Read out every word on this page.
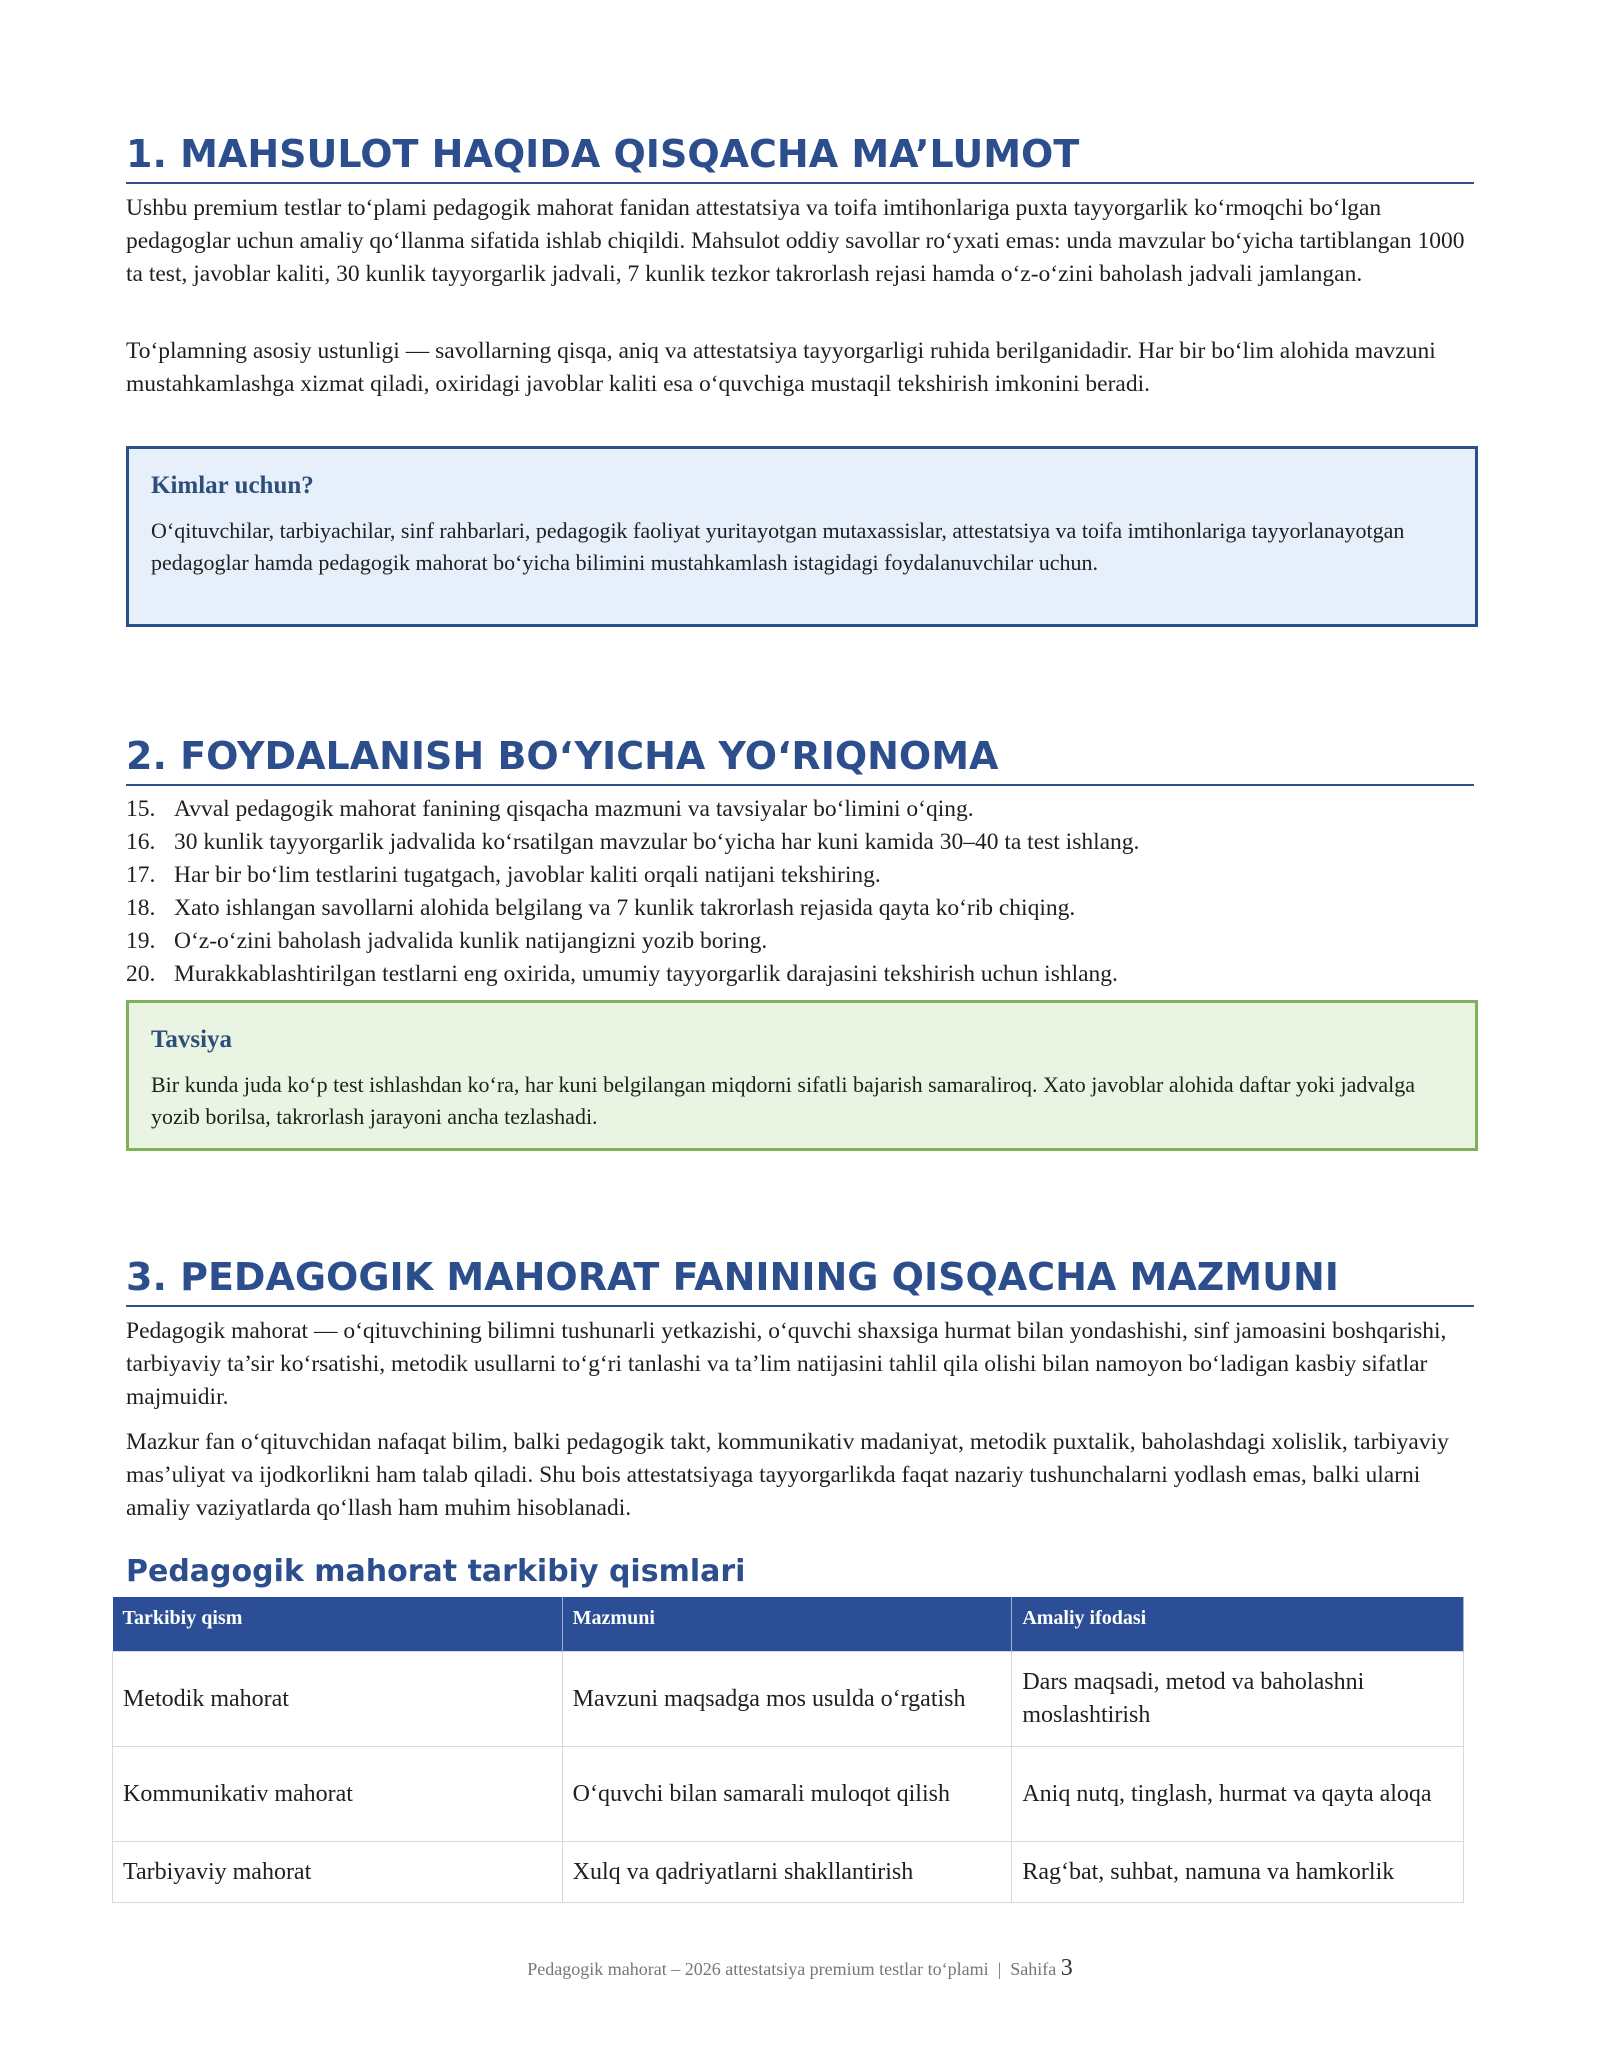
1. MAHSULOT HAQIDA QISQACHA MA’LUMOT

Ushbu premium testlar to‘plami pedagogik mahorat fanidan attestatsiya va toifa imtihonlariga puxta tayyorgarlik ko‘rmoqchi bo‘lgan pedagoglar uchun amaliy qo‘llanma sifatida ishlab chiqildi. Mahsulot oddiy savollar ro‘yxati emas: unda mavzular bo‘yicha tartiblangan 1000 ta test, javoblar kaliti, 30 kunlik tayyorgarlik jadvali, 7 kunlik tezkor takrorlash rejasi hamda o‘z-o‘zini baholash jadvali jamlangan.

To‘plamning asosiy ustunligi — savollarning qisqa, aniq va attestatsiya tayyorgarligi ruhida berilganidadir. Har bir bo‘lim alohida mavzuni mustahkamlashga xizmat qiladi, oxiridagi javoblar kaliti esa o‘quvchiga mustaqil tekshirish imkonini beradi.

Kimlar uchun?

O‘qituvchilar, tarbiyachilar, sinf rahbarlari, pedagogik faoliyat yuritayotgan mutaxassislar, attestatsiya va toifa imtihonlariga tayyorlanayotgan pedagoglar hamda pedagogik mahorat bo‘yicha bilimini mustahkamlash istagidagi foydalanuvchilar uchun.

2. FOYDALANISH BO‘YICHA YO‘RIQNOMA
15. Avval pedagogik mahorat fanining qisqacha mazmuni va tavsiyalar bo‘limini o‘qing.
16. 30 kunlik tayyorgarlik jadvalida ko‘rsatilgan mavzular bo‘yicha har kuni kamida 30–40 ta test ishlang.
17. Har bir bo‘lim testlarini tugatgach, javoblar kaliti orqali natijani tekshiring.
18. Xato ishlangan savollarni alohida belgilang va 7 kunlik takrorlash rejasida qayta ko‘rib chiqing.
19. O‘z-o‘zini baholash jadvalida kunlik natijangizni yozib boring.
20. Murakkablashtirilgan testlarni eng oxirida, umumiy tayyorgarlik darajasini tekshirish uchun ishlang.

Tavsiya

Bir kunda juda ko‘p test ishlashdan ko‘ra, har kuni belgilangan miqdorni sifatli bajarish samaraliroq. Xato javoblar alohida daftar yoki jadvalga yozib borilsa, takrorlash jarayoni ancha tezlashadi.

3. PEDAGOGIK MAHORAT FANINING QISQACHA MAZMUNI

Pedagogik mahorat — o‘qituvchining bilimni tushunarli yetkazishi, o‘quvchi shaxsiga hurmat bilan yondashishi, sinf jamoasini boshqarishi, tarbiyaviy ta’sir ko‘rsatishi, metodik usullarni to‘g‘ri tanlashi va ta’lim natijasini tahlil qila olishi bilan namoyon bo‘ladigan kasbiy sifatlar majmuidir.

Mazkur fan o‘qituvchidan nafaqat bilim, balki pedagogik takt, kommunikativ madaniyat, metodik puxtalik, baholashdagi xolislik, tarbiyaviy mas’uliyat va ijodkorlikni ham talab qiladi. Shu bois attestatsiyaga tayyorgarlikda faqat nazariy tushunchalarni yodlash emas, balki ularni amaliy vaziyatlarda qo‘llash ham muhim hisoblanadi.

Pedagogik mahorat tarkibiy qismlari
Tarkibiy qism	Mazmuni	Amaliy ifodasi
Metodik mahorat	Mavzuni maqsadga mos usulda o‘rgatish	Dars maqsadi, metod va baholashni moslashtirish
Kommunikativ mahorat	O‘quvchi bilan samarali muloqot qilish	Aniq nutq, tinglash, hurmat va qayta aloqa
Tarbiyaviy mahorat	Xulq va qadriyatlarni shakllantirish	Rag‘bat, suhbat, namuna va hamkorlik
Pedagogik mahorat – 2026 attestatsiya premium testlar to‘plami | Sahifa 3
